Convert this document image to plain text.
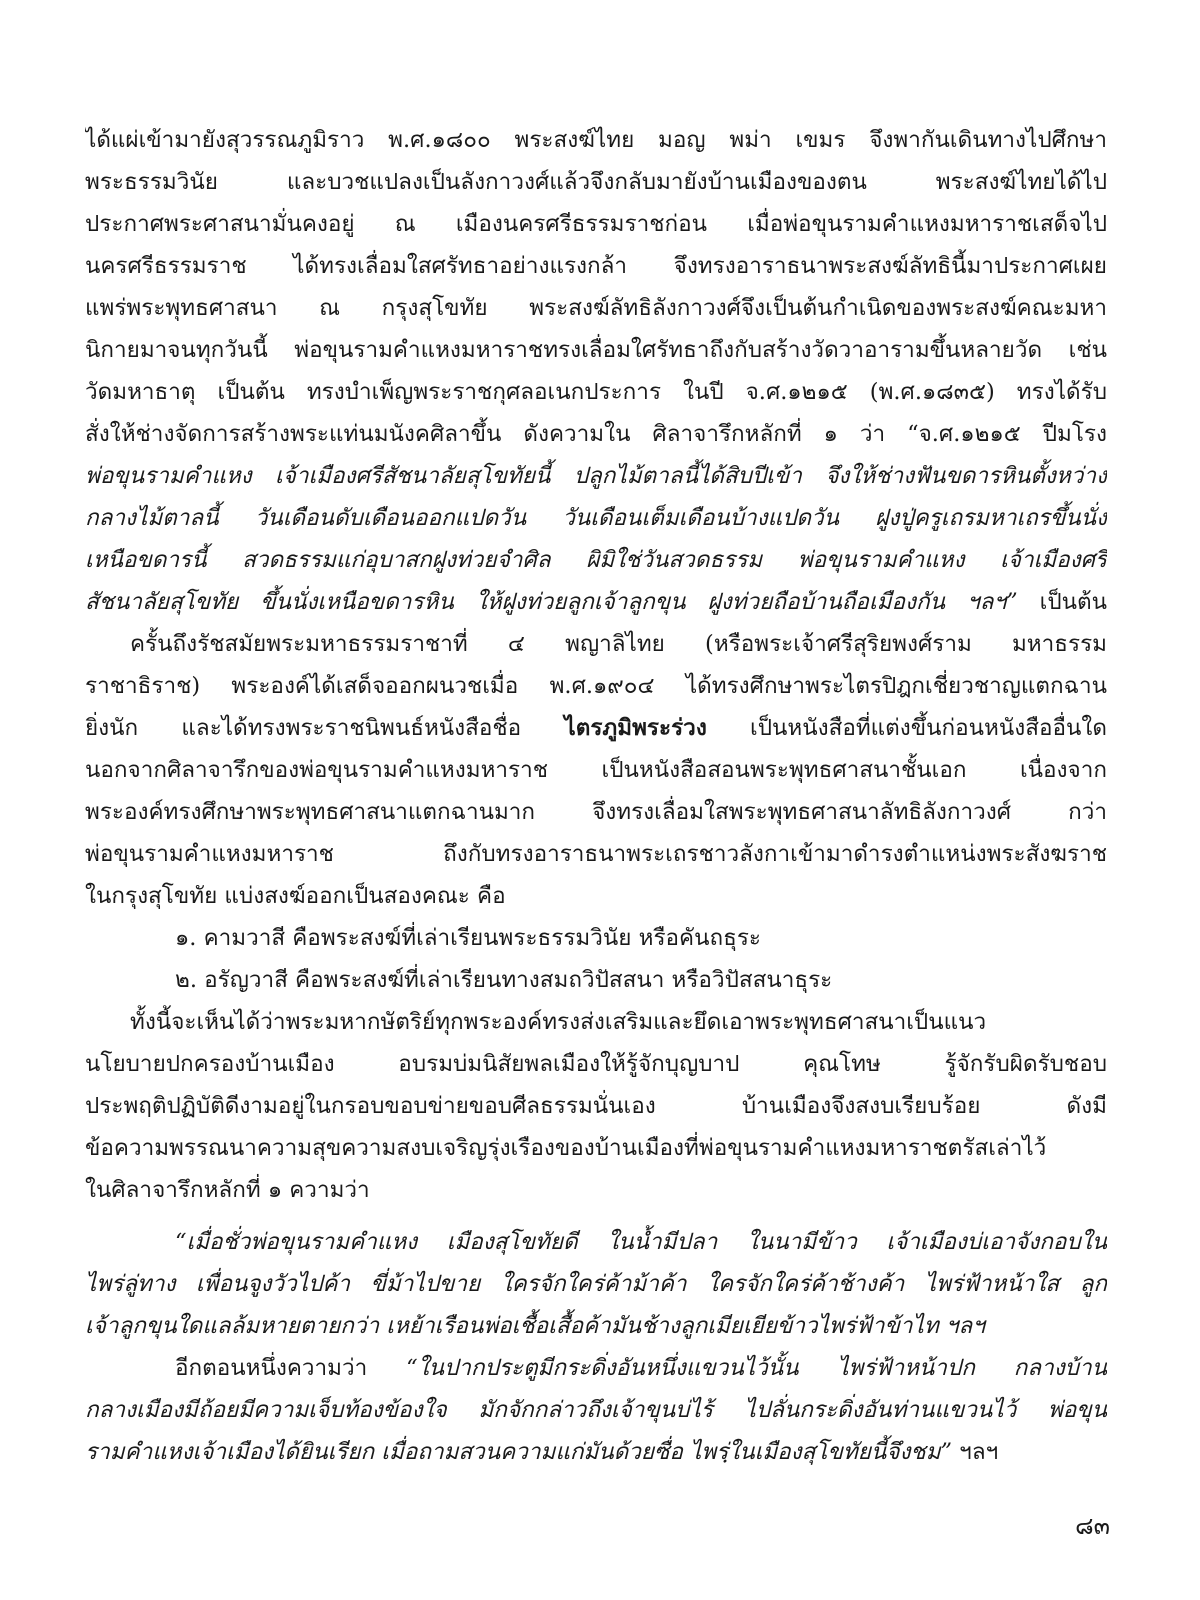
ได้แผ่เข้ามายังสุวรรณภูมิราว พ.ศ.๑๘๐๐ พระสงฆ์ไทย มอญ พม่า เขมร จึงพากันเดินทางไปศึกษา
พระธรรมวินัย และบวชแปลงเป็นลังกาวงศ์แล้วจึงกลับมายังบ้านเมืองของตน พระสงฆ์ไทยได้ไป
ประกาศพระศาสนามั่นคงอยู่ ณ เมืองนครศรีธรรมราชก่อน เมื่อพ่อขุนรามคำแหงมหาราชเสด็จไป
นครศรีธรรมราช ได้ทรงเลื่อมใสศรัทธาอย่างแรงกล้า จึงทรงอาราธนาพระสงฆ์ลัทธินี้มาประกาศเผย
แพร่พระพุทธศาสนา ณ กรุงสุโขทัย พระสงฆ์ลัทธิลังกาวงศ์จึงเป็นต้นกำเนิดของพระสงฆ์คณะมหา
นิกายมาจนทุกวันนี้ พ่อขุนรามคำแหงมหาราชทรงเลื่อมใศรัทธาถึงกับสร้างวัดวาอารามขึ้นหลายวัด เช่น
วัดมหาธาตุ เป็นต้น ทรงบำเพ็ญพระราชกุศลอเนกประการ ในปี จ.ศ.๑๒๑๕ (พ.ศ.๑๘๓๕) ทรงได้รับ
สั่งให้ช่างจัดการสร้างพระแท่นมนังคศิลาขึ้น ดังความใน ศิลาจารึกหลักที่ ๑ ว่า “จ.ศ.๑๒๑๕ ปีมโรง
พ่อขุนรามคำแหง เจ้าเมืองศรีสัชนาลัยสุโขทัยนี้ ปลูกไม้ตาลนี้ได้สิบปีเข้า จึงให้ช่างฟันขดารหินตั้งหว่าง
กลางไม้ตาลนี้ วันเดือนดับเดือนออกแปดวัน วันเดือนเต็มเดือนบ้างแปดวัน ฝูงปู่ครูเถรมหาเถรขึ้นนั่ง
เหนือขดารนี้ สวดธรรมแก่อุบาสกฝูงท่วยจำศิล ผิมิใช่วันสวดธรรม พ่อขุนรามคำแหง เจ้าเมืองศรี
สัชนาลัยสุโขทัย ขึ้นนั่งเหนือขดารหิน ให้ฝูงท่วยลูกเจ้าลูกขุน ฝูงท่วยถือบ้านถือเมืองกัน ฯลฯ” เป็นต้น
ครั้นถึงรัชสมัยพระมหาธรรมราชาที่ ๔ พญาลิไทย (หรือพระเจ้าศรีสุริยพงศ์ราม มหาธรรม
ราชาธิราช) พระองค์ได้เสด็จออกผนวชเมื่อ พ.ศ.๑๙๐๔ ได้ทรงศึกษาพระไตรปิฎกเชี่ยวชาญแตกฉาน
ยิ่งนัก และได้ทรงพระราชนิพนธ์หนังสือชื่อ ไตรภูมิพระร่วง เป็นหนังสือที่แต่งขึ้นก่อนหนังสืออื่นใด
นอกจากศิลาจารึกของพ่อขุนรามคำแหงมหาราช เป็นหนังสือสอนพระพุทธศาสนาชั้นเอก เนื่องจาก
พระองค์ทรงศึกษาพระพุทธศาสนาแตกฉานมาก จึงทรงเลื่อมใสพระพุทธศาสนาลัทธิลังกาวงศ์ กว่า
พ่อขุนรามคำแหงมหาราช ถึงกับทรงอาราธนาพระเถรชาวลังกาเข้ามาดำรงตำแหน่งพระสังฆราช
ในกรุงสุโขทัย แบ่งสงฆ์ออกเป็นสองคณะ คือ
๑. คามวาสี คือพระสงฆ์ที่เล่าเรียนพระธรรมวินัย หรือคันถธุระ
๒. อรัญวาสี คือพระสงฆ์ที่เล่าเรียนทางสมถวิปัสสนา หรือวิปัสสนาธุระ
ทั้งนี้จะเห็นได้ว่าพระมหากษัตริย์ทุกพระองค์ทรงส่งเสริมและยึดเอาพระพุทธศาสนาเป็นแนว
นโยบายปกครองบ้านเมือง อบรมบ่มนิสัยพลเมืองให้รู้จักบุญบาป คุณโทษ รู้จักรับผิดรับชอบ
ประพฤติปฏิบัติดีงามอยู่ในกรอบขอบข่ายขอบศีลธรรมนั่นเอง บ้านเมืองจึงสงบเรียบร้อย ดังมี
ข้อความพรรณนาความสุขความสงบเจริญรุ่งเรืองของบ้านเมืองที่พ่อขุนรามคำแหงมหาราชตรัสเล่าไว้
ในศิลาจารึกหลักที่ ๑ ความว่า
“เมื่อชั่วพ่อขุนรามคำแหง เมืองสุโขทัยดี ในน้ำมีปลา ในนามีข้าว เจ้าเมืองบ่เอาจังกอบใน
ไพร่ลู่ทาง เพื่อนจูงวัวไปค้า ขี่ม้าไปขาย ใครจักใคร่ค้าม้าค้า ใครจักใคร่ค้าช้างค้า ไพร่ฟ้าหน้าใส ลูก
เจ้าลูกขุนใดแลล้มหายตายกว่า เหย้าเรือนพ่อเชื้อเสื้อค้ามันช้างลูกเมียเยียข้าวไพร่ฟ้าข้าไท ฯลฯ
อีกตอนหนึ่งความว่า “ในปากประตูมีกระดิ่งอันหนึ่งแขวนไว้นั้น ไพร่ฟ้าหน้าปก กลางบ้าน
กลางเมืองมีถ้อยมีความเจ็บท้องข้องใจ มักจักกล่าวถึงเจ้าขุนบ่ไร้ ไปลั่นกระดิ่งอันท่านแขวนไว้ พ่อขุน
รามคำแหงเจ้าเมืองได้ยินเรียก เมื่อถามสวนความแก่มันด้วยซื่อ ไพรฺ่ในเมืองสุโขทัยนี้จึงชม” ฯลฯ
๘๓
